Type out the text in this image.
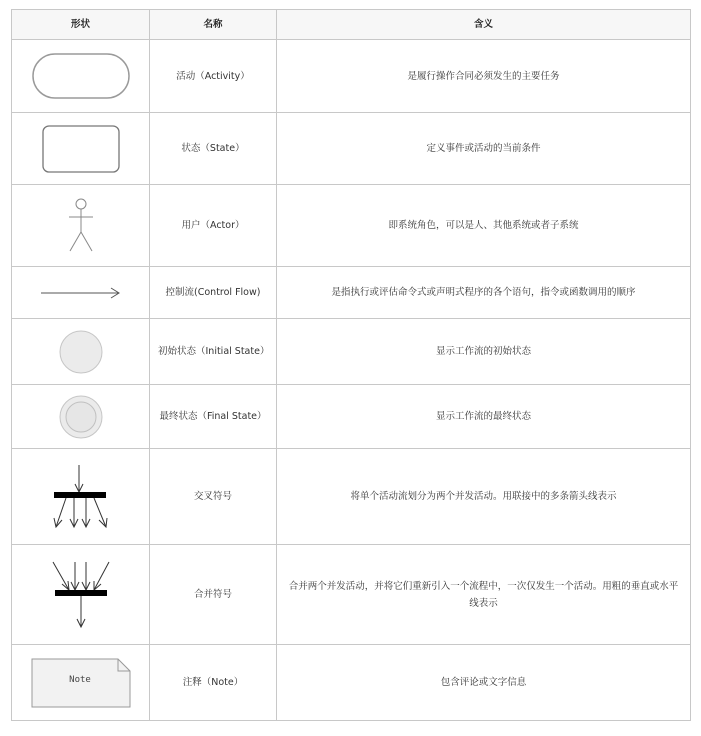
形状	名称	含义

	活动（Activity）	是履行操作合同必须发生的主要任务

	状态（State）	定义事件或活动的当前条件

	用户（Actor）	即系统角色，可以是人、其他系统或者子系统

	控制流(Control Flow)	是指执行或评估命令式或声明式程序的各个语句，指令或函数调用的顺序

	初始状态（Initial State）	显示工作流的初始状态

	最终状态（Final State）	显示工作流的最终状态

	交叉符号	将单个活动流划分为两个并发活动。用联接中的多条箭头线表示

	合并符号	合并两个并发活动，并将它们重新引入一个流程中，一次仅发生一个活动。用粗的垂直或水平线表示

Note	注释（Note）	包含评论或文字信息
